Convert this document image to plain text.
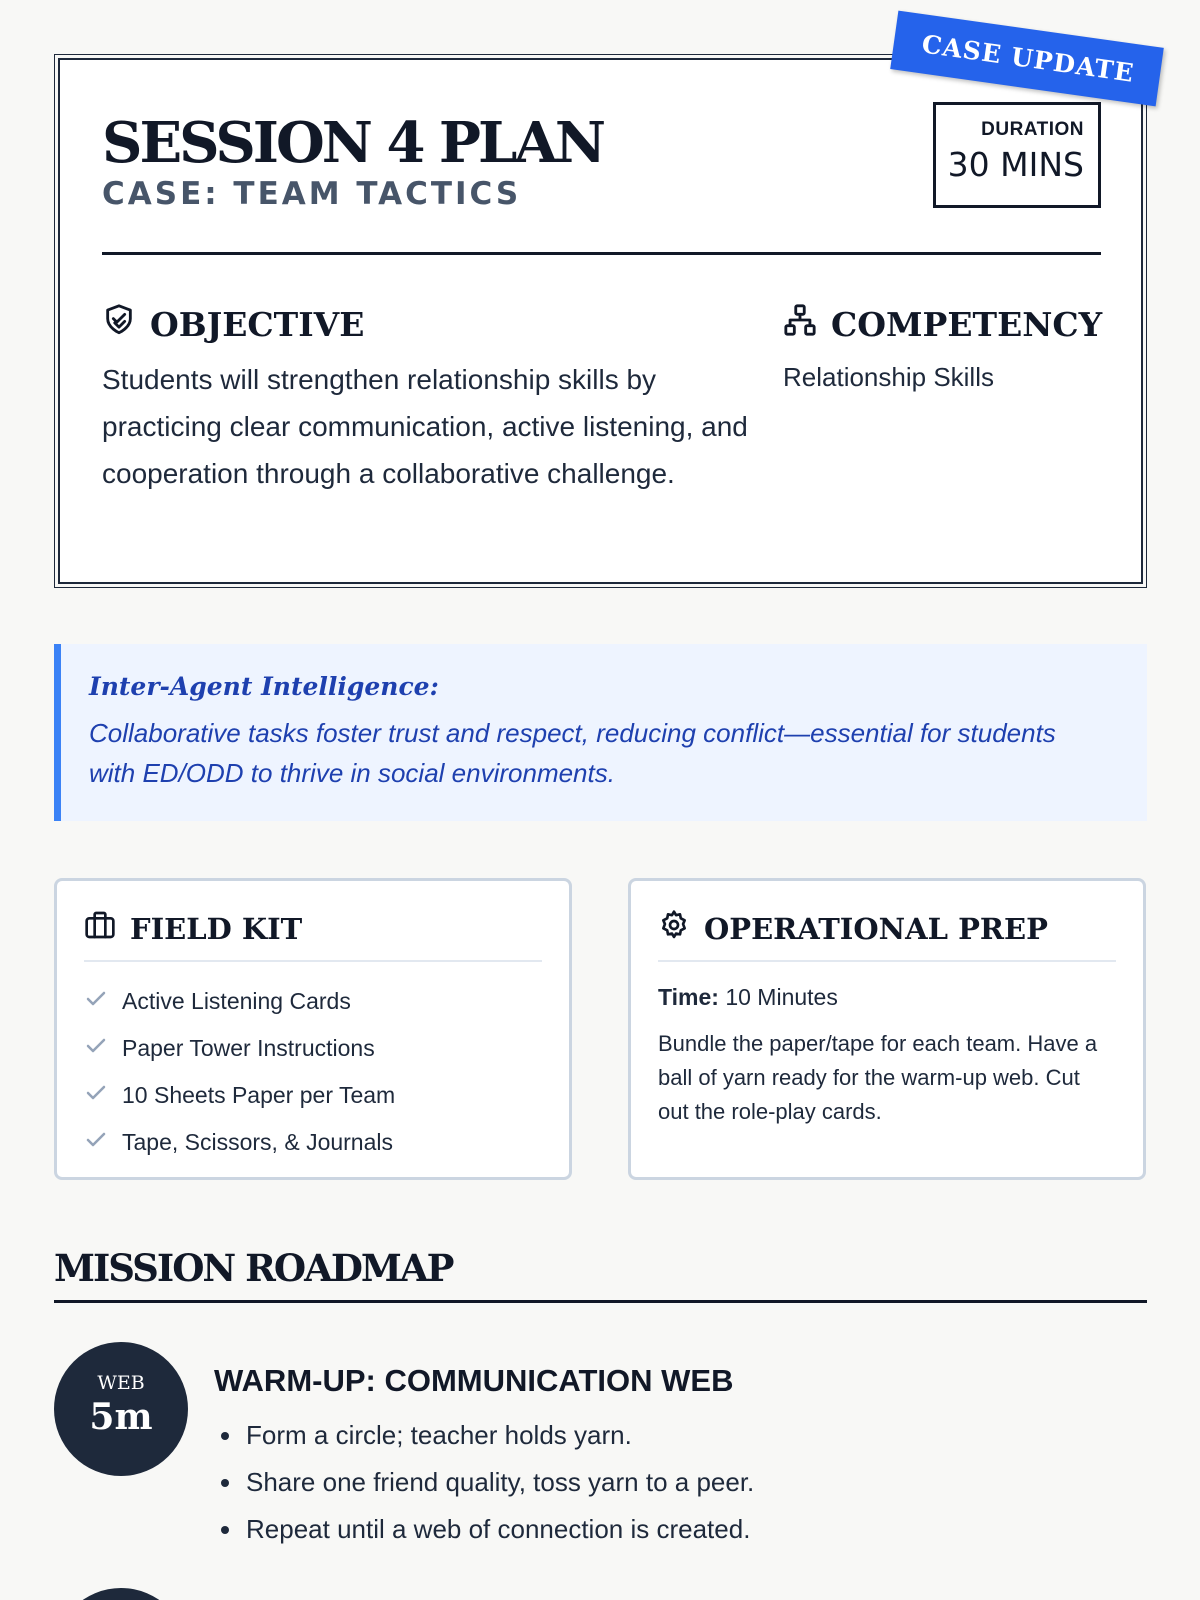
CASE UPDATE
SESSION 4 PLAN
CASE: TEAM TACTICS
DURATION
30 MINS
OBJECTIVE
Students will strengthen relationship skills by practicing clear communication, active listening, and cooperation through a collaborative challenge.
COMPETENCY
Relationship Skills
Inter-Agent Intelligence:
Collaborative tasks foster trust and respect, reducing conflict—essential for students with ED/ODD to thrive in social environments.
FIELD KIT
Active Listening Cards
Paper Tower Instructions
10 Sheets Paper per Team
Tape, Scissors, & Journals
OPERATIONAL PREP
Time: 10 Minutes
Bundle the paper/tape for each team. Have a ball of yarn ready for the warm-up web. Cut out the role-play cards.
MISSION ROADMAP
WEB
5m
WARM-UP: COMMUNICATION WEB
• Form a circle; teacher holds yarn.
• Share one friend quality, toss yarn to a peer.
• Repeat until a web of connection is created.
